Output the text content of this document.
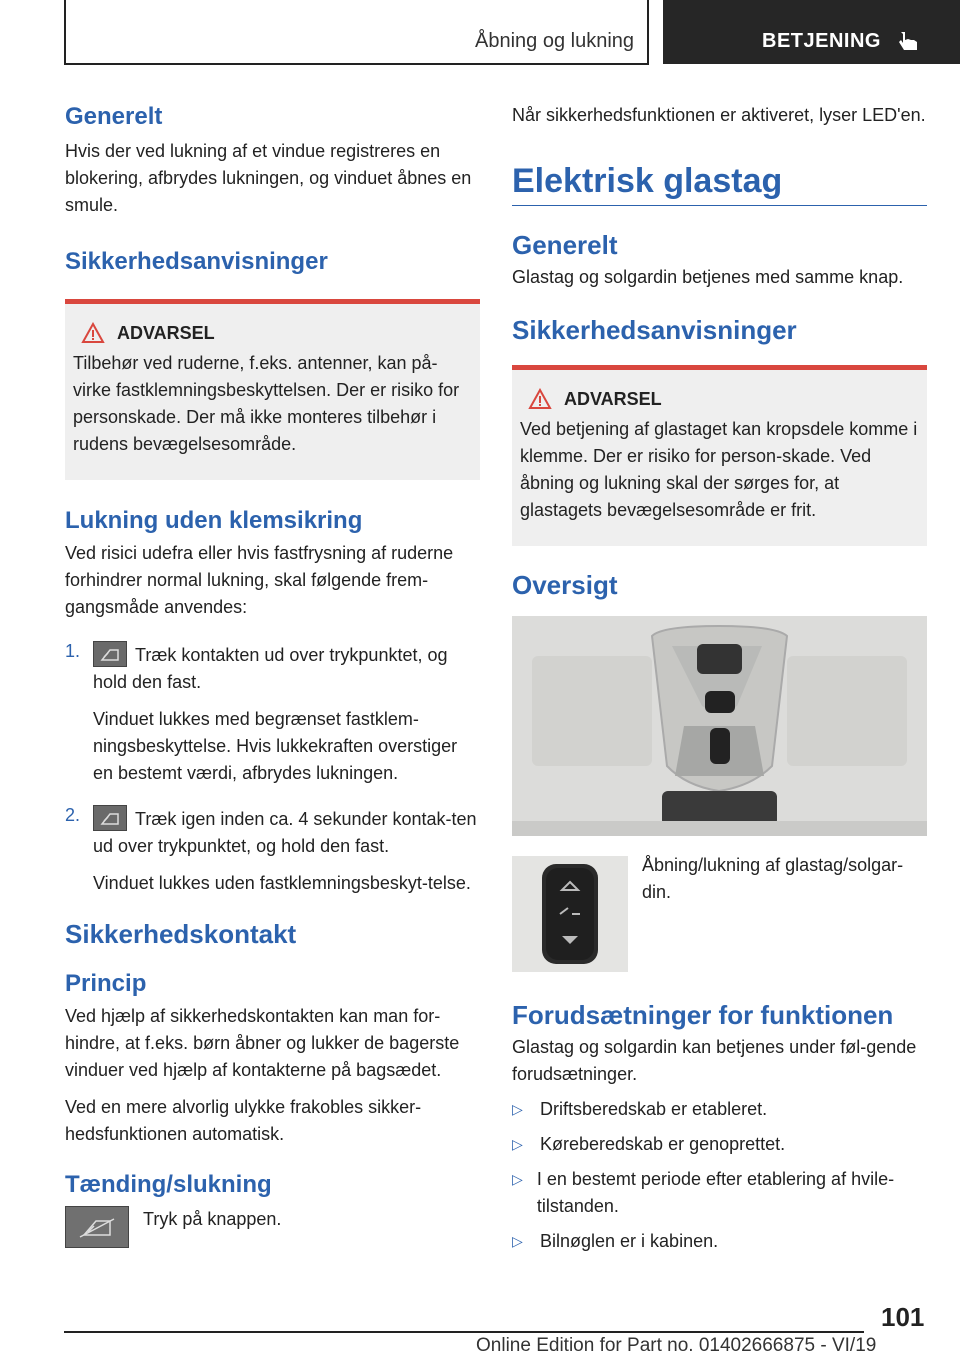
Åbning og lukning	BETJENING
Generelt

Hvis der ved lukning af et vindue registreres en blokering, afbrydes lukningen, og vinduet åbnes en smule.

Sikkerhedsanvisninger
ADVARSEL

Tilbehør ved ruderne, f.eks. antenner, kan på-virke fastklemningsbeskyttelsen. Der er risiko for personskade. Der må ikke monteres tilbehør i rudens bevægelsesområde.

Lukning uden klemsikring

Ved risici udefra eller hvis fastfrysning af ruderne forhindrer normal lukning, skal følgende frem-gangsmåde anvendes:

1.	Træk kontakten ud over trykpunktet, og hold den fast.

Vinduet lukkes med begrænset fastklem-ningsbeskyttelse. Hvis lukkekraften overstiger en bestemt værdi, afbrydes lukningen.

2.	Træk igen inden ca. 4 sekunder kontak-ten ud over trykpunktet, og hold den fast.

Vinduet lukkes uden fastklemningsbeskyt-telse.

Sikkerhedskontakt
Princip

Ved hjælp af sikkerhedskontakten kan man for-hindre, at f.eks. børn åbner og lukker de bagerste vinduer ved hjælp af kontakterne på bagsædet.

Ved en mere alvorlig ulykke frakobles sikker-hedsfunktionen automatisk.

Tænding/slukning

Tryk på knappen.

Når sikkerhedsfunktionen er aktiveret, lyser LED'en.

Elektrisk glastag
Generelt

Glastag og solgardin betjenes med samme knap.

Sikkerhedsanvisninger
ADVARSEL

Ved betjening af glastaget kan kropsdele komme i klemme. Der er risiko for person-skade. Ved åbning og lukning skal der sørges for, at glastagets bevægelsesområde er frit.

Oversigt

Åbning/lukning af glastag/solgar-din.

Forudsætninger for funktionen

Glastag og solgardin kan betjenes under føl-gende forudsætninger.

▷ Driftsberedskab er etableret.

▷ Køreberedskab er genoprettet.

▷ I en bestemt periode efter etablering af hvile-tilstanden.

▷ Bilnøglen er i kabinen.

101
Online Edition for Part no. 01402666875 - VI/19
